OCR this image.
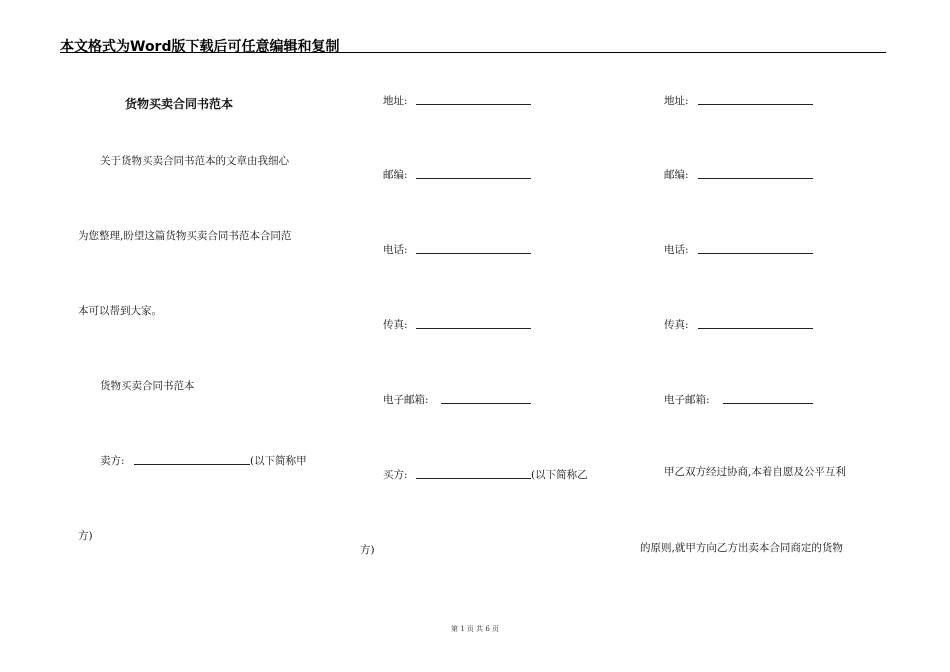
本文格式为Word版下载后可任意编辑和复制
货物买卖合同书范本
关于货物买卖合同书范本的文章由我细心
为您整理,盼望这篇货物买卖合同书范本合同范
本可以帮到大家。
货物买卖合同书范本
卖方:	(以下简称甲
方)
地址:
邮编:
电话:
传真:
电子邮箱:
买方:	(以下简称乙
方)
地址:
邮编:
电话:
传真:
电子邮箱:
甲乙双方经过协商,本着自愿及公平互利
的原则,就甲方向乙方出卖本合同商定的货物
第 1 页 共 6 页
